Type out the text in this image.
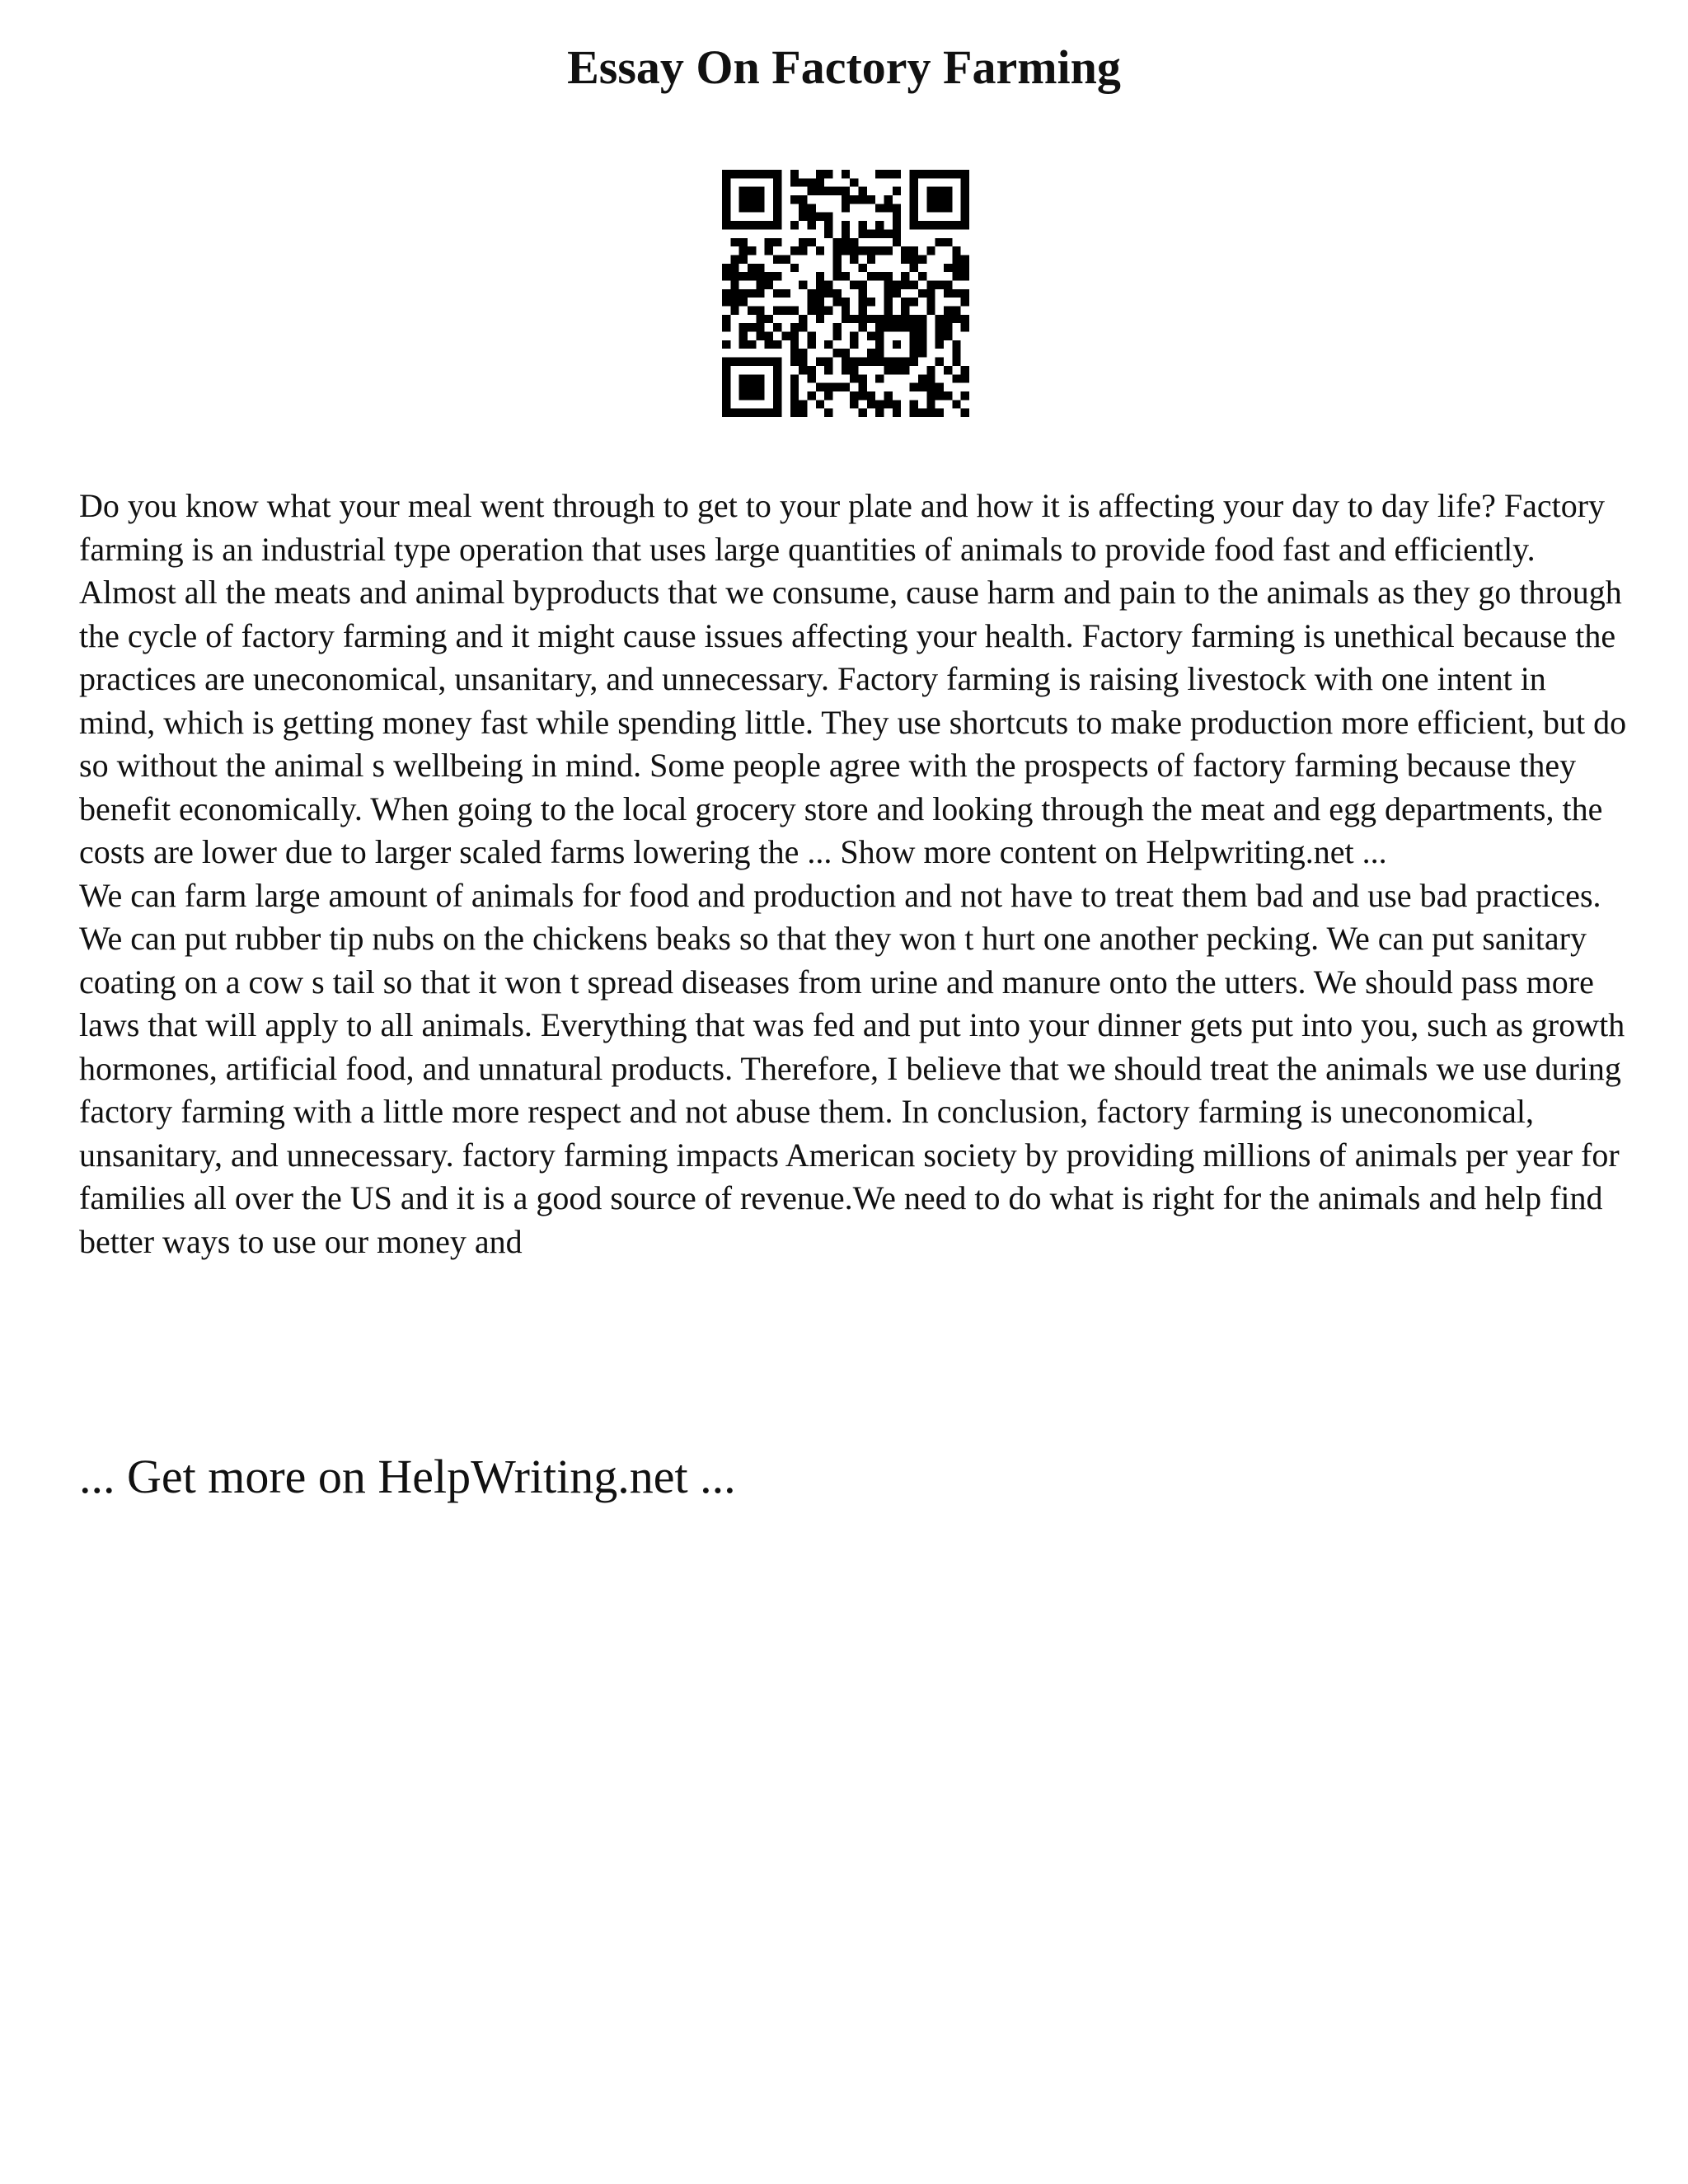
Essay On Factory Farming

Do you know what your meal went through to get to your plate and how it is affecting your day to day life? Factory farming is an industrial type operation that uses large quantities of animals to provide food fast and efficiently. Almost all the meats and animal byproducts that we consume, cause harm and pain to the animals as they go through the cycle of factory farming and it might cause issues affecting your health. Factory farming is unethical because the practices are uneconomical, unsanitary, and unnecessary. Factory farming is raising livestock with one intent in mind, which is getting money fast while spending little. They use shortcuts to make production more efficient, but do so without the animal s wellbeing in mind. Some people agree with the prospects of factory farming because they benefit economically. When going to the local grocery store and looking through the meat and egg departments, the costs are lower due to larger scaled farms lowering the ... Show more content on Helpwriting.net ...

We can farm large amount of animals for food and production and not have to treat them bad and use bad practices. We can put rubber tip nubs on the chickens beaks so that they won t hurt one another pecking. We can put sanitary coating on a cow s tail so that it won t spread diseases from urine and manure onto the utters. We should pass more laws that will apply to all animals. Everything that was fed and put into your dinner gets put into you, such as growth hormones, artificial food, and unnatural products. Therefore, I believe that we should treat the animals we use during factory farming with a little more respect and not abuse them. In conclusion, factory farming is uneconomical, unsanitary, and unnecessary. factory farming impacts American society by providing millions of animals per year for families all over the US and it is a good source of revenue.We need to do what is right for the animals and help find better ways to use our money and

... Get more on HelpWriting.net ...
